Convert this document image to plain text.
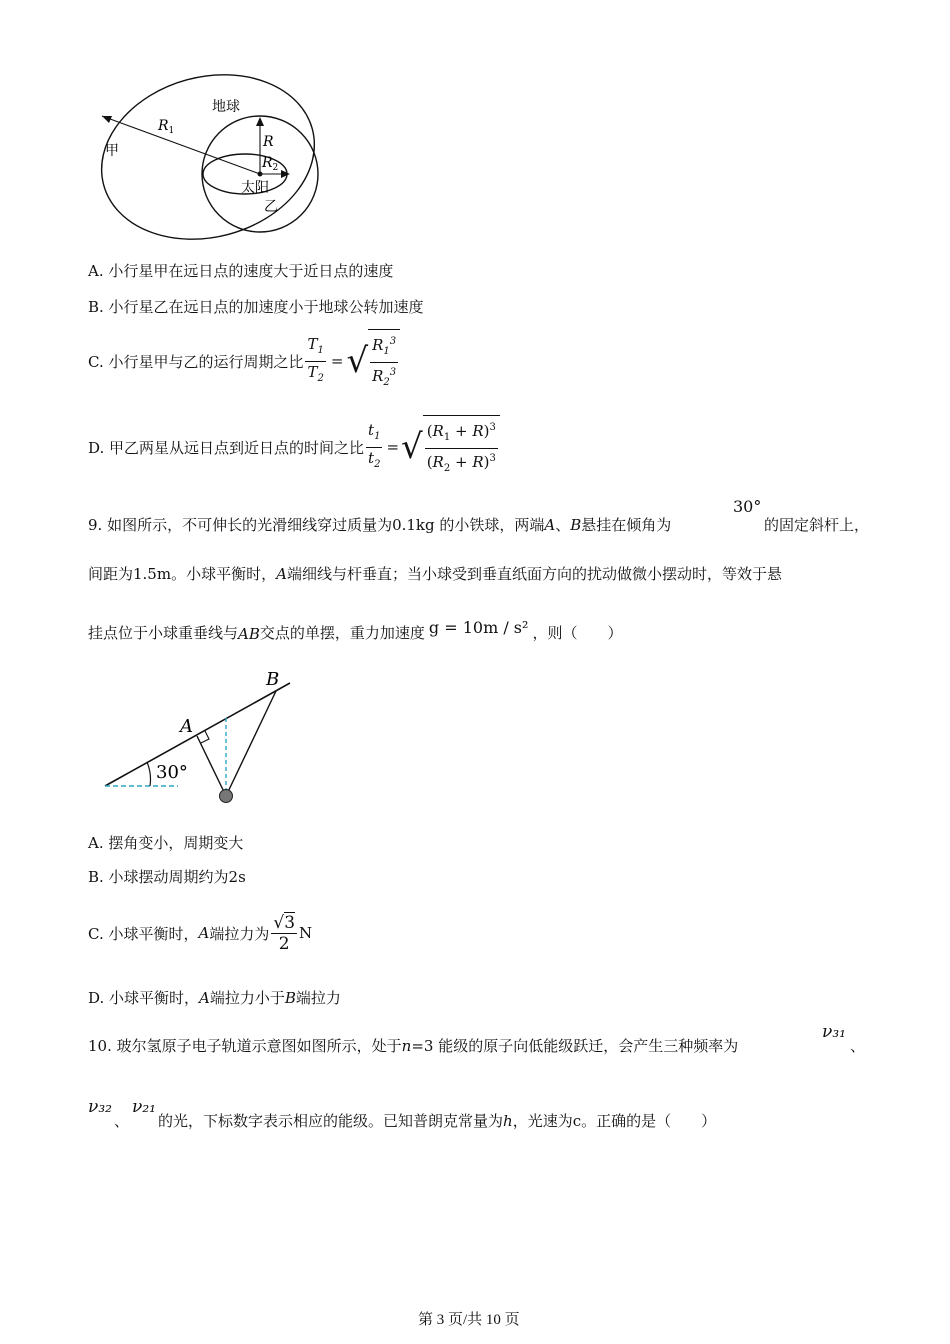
地球
$R_1$
甲
R
$R_2$
太阳
乙
A. 小行星甲在远日点的速度大于近日点的速度
B. 小行星乙在远日点的加速度小于地球公转加速度
C. 小行星甲与乙的运行周期之比 $\frac{T_1}{T_2}$ = √ $\frac{R_1^3}{R_2^3}$
D. 甲乙两星从远日点到近日点的时间之比 $\frac{t_1}{t_2}$ = √ $\frac{(R_1 + R)^3}{(R_2 + R)^3}$
9. 如图所示，不可伸长的光滑细线穿过质量为0.1kg 的小铁球，两端A、B悬挂在倾角为
30°
的固定斜杆上，
间距为1.5m。小球平衡时，A端细线与杆垂直；当小球受到垂直纸面方向的扰动做微小摆动时，等效于悬
挂点位于小球重垂线与 AB 交点的单摆，重力加速度 g = 10m / s² ，则（　　）
B
A
30°
A. 摆角变小，周期变大
B. 小球摆动周期约为2s
C. 小球平衡时， A 端拉力为 $\frac{√3}{2}$ N
D. 小球平衡时，A端拉力小于B端拉力
10. 玻尔氢原子电子轨道示意图如图所示，处于n=3 能级的原子向低能级跃迁，会产生三种频率为
ν₃₁
、
ν₃₂
、
ν₂₁
的光，下标数字表示相应的能级。已知普朗克常量为h，光速为c。正确的是（　　）
第 3 页/共 10 页
